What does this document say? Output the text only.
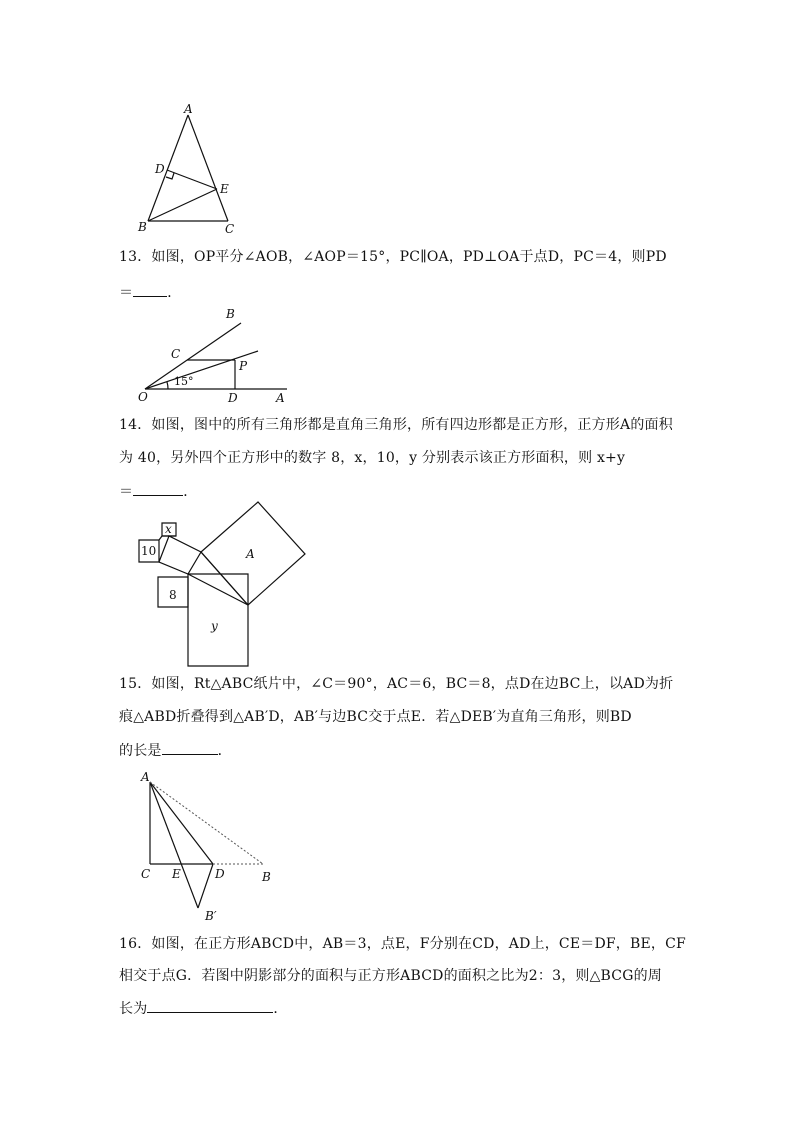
A
D
E
B	C
13．如图，OP平分∠AOB，∠AOP＝15°，PC∥OA，PD⊥OA于点D，PC＝4，则PD
＝ ．
B
C
P
O
15°
D	A
14．如图，图中的所有三角形都是直角三角形，所有四边形都是正方形，正方形A的面积
为 40，另外四个正方形中的数字 8，x，10，y 分别表示该正方形面积，则 x+y
＝	．
x
10	A
8
y
15．如图，Rt△ABC纸片中，∠C＝90°，AC＝6，BC＝8，点D在边BC上，以AD为折
痕△ABD折叠得到△AB′D，AB′与边BC交于点E．若△DEB′为直角三角形，则BD
的长是	．
A
C E	D	B
B′
16．如图，在正方形ABCD中，AB＝3，点E，F分别在CD，AD上，CE＝DF，BE，CF
相交于点G．若图中阴影部分的面积与正方形ABCD的面积之比为2：3，则△BCG的周
长为	．
